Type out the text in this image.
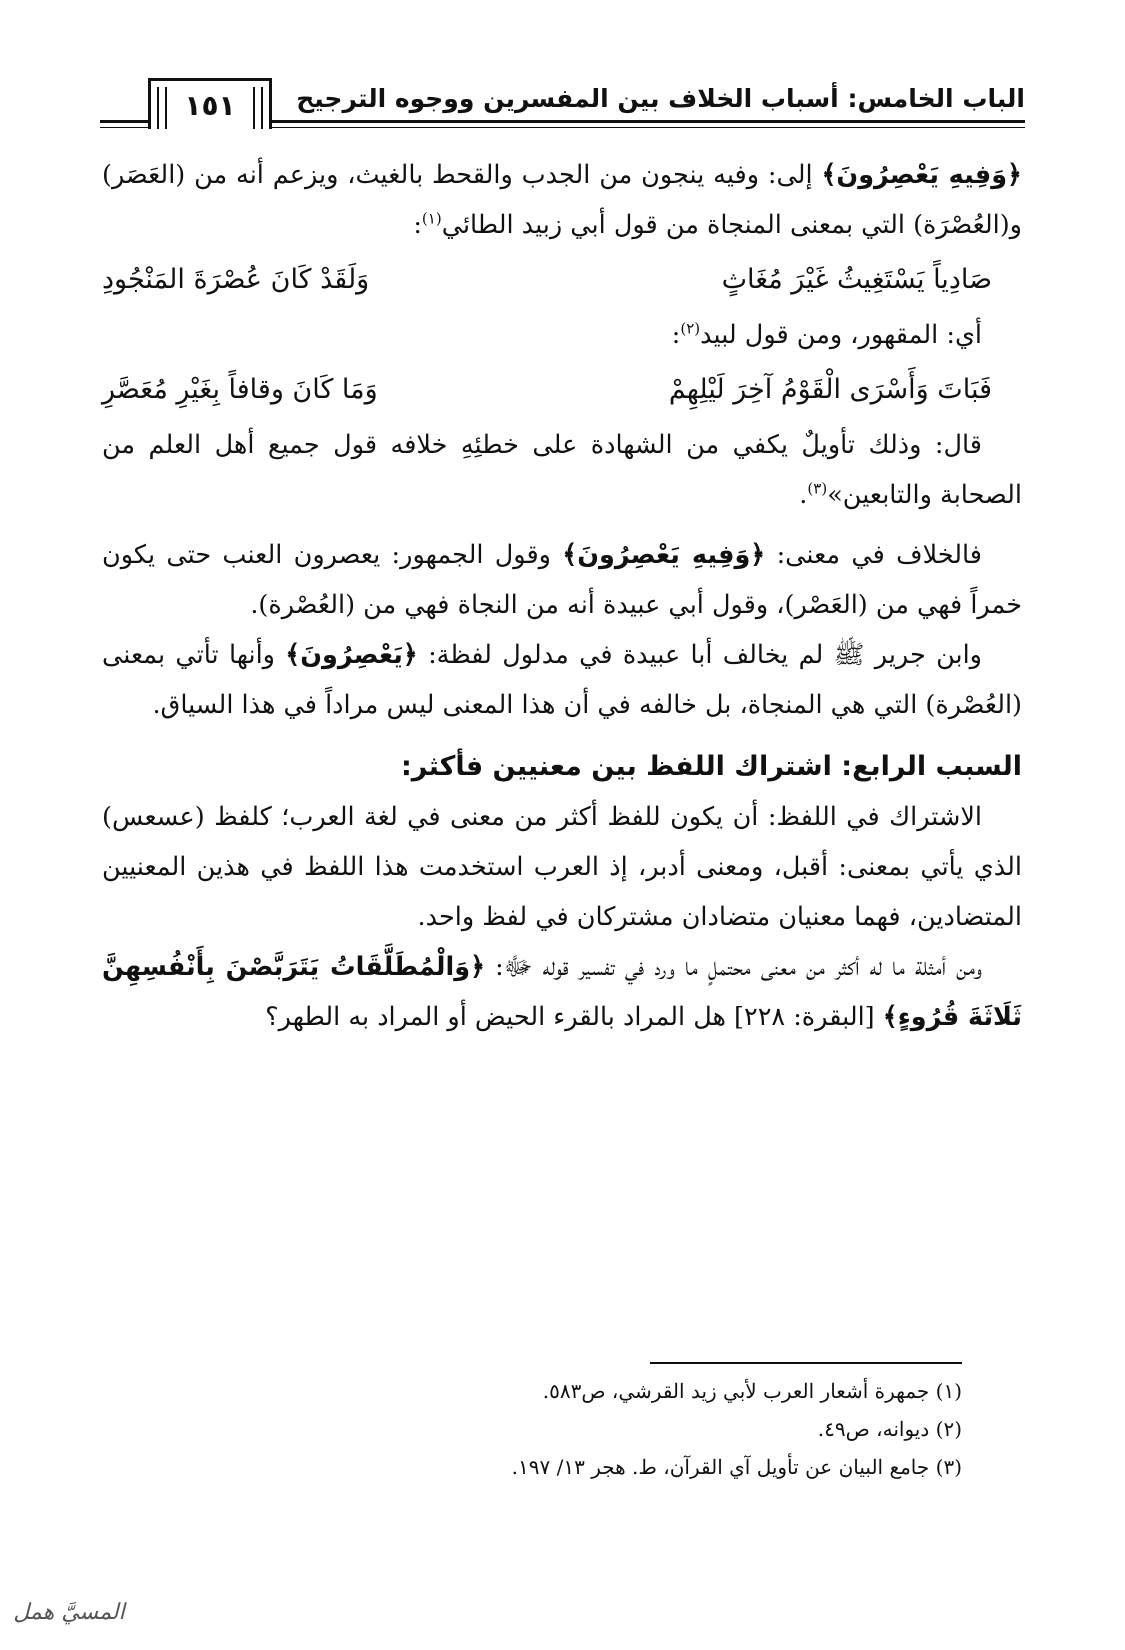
١٥١	الباب الخامس: أسباب الخلاف بين المفسرين ووجوه الترجيح

﴿وَفِيهِ يَعْصِرُونَ﴾ إلى: وفيه ينجون من الجدب والقحط بالغيث، ويزعم أنه من (العَصَر) و(العُصْرَة) التي بمعنى المنجاة من قول أبي زبيد الطائي$^{(١)}$:

صَادِياً يَسْتَغِيثُ غَيْرَ مُغَاثٍ
وَلَقَدْ كَانَ عُصْرَةَ المَنْجُودِ

أي: المقهور، ومن قول لبيد$^{(٢)}$:

فَبَاتَ وَأَسْرَى الْقَوْمُ آخِرَ لَيْلِهِمْ
وَمَا كَانَ وقافاً بِغَيْرِ مُعَصَّرِ

قال: وذلك تأويلٌ يكفي من الشهادة على خطئِهِ خلافه قول جميع أهل العلم من الصحابة والتابعين»$^{(٣)}$.

فالخلاف في معنى: ﴿وَفِيهِ يَعْصِرُونَ﴾ وقول الجمهور: يعصرون العنب حتى يكون خمراً فهي من (العَصْر)، وقول أبي عبيدة أنه من النجاة فهي من (العُصْرة).

وابن جرير ﷺ لم يخالف أبا عبيدة في مدلول لفظة: ﴿يَعْصِرُونَ﴾ وأنها تأتي بمعنى (العُصْرة) التي هي المنجاة، بل خالفه في أن هذا المعنى ليس مراداً في هذا السياق.

السبب الرابع: اشتراك اللفظ بين معنيين فأكثر:

الاشتراك في اللفظ: أن يكون للفظ أكثر من معنى في لغة العرب؛ كلفظ (عسعس) الذي يأتي بمعنى: أقبل، ومعنى أدبر، إذ العرب استخدمت هذا اللفظ في هذين المعنيين المتضادين، فهما معنيان متضادان مشتركان في لفظ واحد.

ومن أمثلة ما له أكثر من معنى محتملٍ ما ورد في تفسير قوله ﷻ: ﴿وَالْمُطَلَّقَاتُ يَتَرَبَّصْنَ بِأَنْفُسِهِنَّ ثَلَاثَةَ قُرُوءٍ﴾ [البقرة: ٢٢٨] هل المراد بالقرء الحيض أو المراد به الطهر؟

(١) جمهرة أشعار العرب لأبي زيد القرشي، ص٥٨٣.
(٢) ديوانه، ص٤٩.
(٣) جامع البيان عن تأويل آي القرآن، ط. هجر ١٣/ ١٩٧.
المسيَّ همل
